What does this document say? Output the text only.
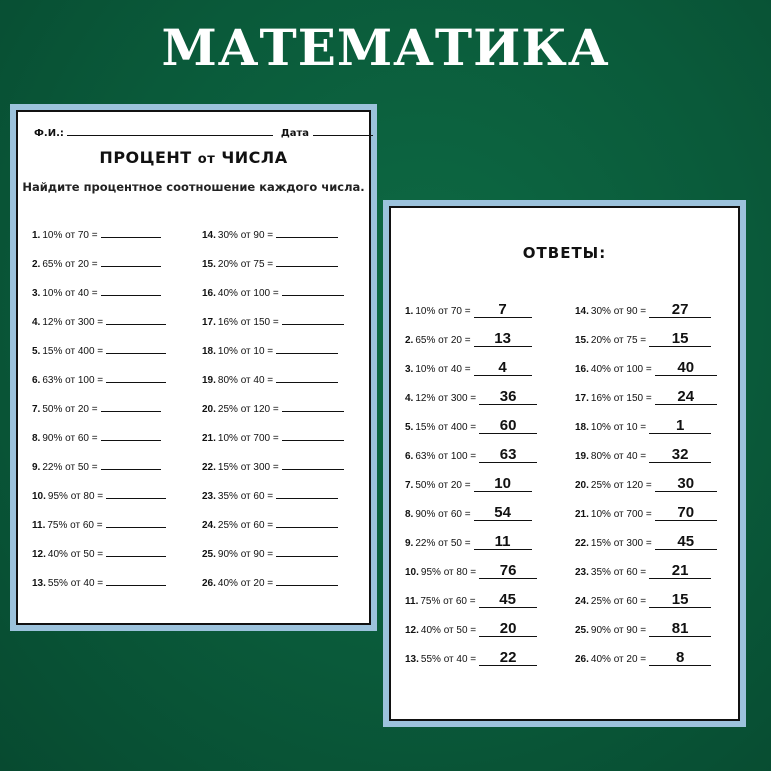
МАТЕМАТИКА
Ф.И.:	Дата
ПРОЦЕНТ от ЧИСЛА
Найдите процентное соотношение каждого числа.
1. 10% от 70 =
2. 65% от 20 =
3. 10% от 40 =
4. 12% от 300 =
5. 15% от 400 =
6. 63% от 100 =
7. 50% от 20 =
8. 90% от 60 =
9. 22% от 50 =
10. 95% от 80 =
11. 75% от 60 =
12. 40% от 50 =
13. 55% от 40 =
14. 30% от 90 =
15. 20% от 75 =
16. 40% от 100 =
17. 16% от 150 =
18. 10% от 10 =
19. 80% от 40 =
20. 25% от 120 =
21. 10% от 700 =
22. 15% от 300 =
23. 35% от 60 =
24. 25% от 60 =
25. 90% от 90 =
26. 40% от 20 =
ОТВЕТЫ:
1. 10% от 70 = 7
2. 65% от 20 = 13
3. 10% от 40 = 4
4. 12% от 300 = 36
5. 15% от 400 = 60
6. 63% от 100 = 63
7. 50% от 20 = 10
8. 90% от 60 = 54
9. 22% от 50 = 11
10. 95% от 80 = 76
11. 75% от 60 = 45
12. 40% от 50 = 20
13. 55% от 40 = 22
14. 30% от 90 = 27
15. 20% от 75 = 15
16. 40% от 100 = 40
17. 16% от 150 = 24
18. 10% от 10 = 1
19. 80% от 40 = 32
20. 25% от 120 = 30
21. 10% от 700 = 70
22. 15% от 300 = 45
23. 35% от 60 = 21
24. 25% от 60 = 15
25. 90% от 90 = 81
26. 40% от 20 = 8
